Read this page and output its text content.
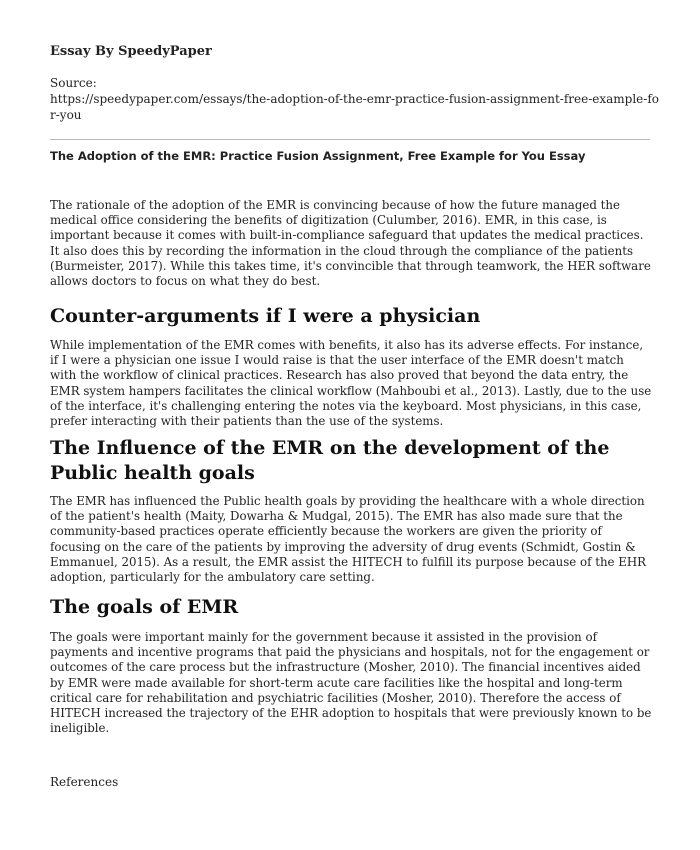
Essay By SpeedyPaper
Source:
https://speedypaper.com/essays/the-adoption-of-the-emr-practice-fusion-assignment-free-example-for-you
The Adoption of the EMR: Practice Fusion Assignment, Free Example for You Essay

The rationale of the adoption of the EMR is convincing because of how the future managed the medical office considering the benefits of digitization (Culumber, 2016). EMR, in this case, is important because it comes with built-in-compliance safeguard that updates the medical practices. It also does this by recording the information in the cloud through the compliance of the patients (Burmeister, 2017). While this takes time, it's convincible that through teamwork, the HER software allows doctors to focus on what they do best.

Counter-arguments if I were a physician

While implementation of the EMR comes with benefits, it also has its adverse effects. For instance, if I were a physician one issue I would raise is that the user interface of the EMR doesn't match with the workflow of clinical practices. Research has also proved that beyond the data entry, the EMR system hampers facilitates the clinical workflow (Mahboubi et al., 2013). Lastly, due to the use of the interface, it's challenging entering the notes via the keyboard. Most physicians, in this case, prefer interacting with their patients than the use of the systems.

The Influence of the EMR on the development of the Public health goals

The EMR has influenced the Public health goals by providing the healthcare with a whole direction of the patient's health (Maity, Dowarha & Mudgal, 2015). The EMR has also made sure that the community-based practices operate efficiently because the workers are given the priority of focusing on the care of the patients by improving the adversity of drug events (Schmidt, Gostin & Emmanuel, 2015). As a result, the EMR assist the HITECH to fulfill its purpose because of the EHR adoption, particularly for the ambulatory care setting.

The goals of EMR

The goals were important mainly for the government because it assisted in the provision of payments and incentive programs that paid the physicians and hospitals, not for the engagement or outcomes of the care process but the infrastructure (Mosher, 2010). The financial incentives aided by EMR were made available for short-term acute care facilities like the hospital and long-term critical care for rehabilitation and psychiatric facilities (Mosher, 2010). Therefore the access of HITECH increased the trajectory of the EHR adoption to hospitals that were previously known to be ineligible.

References
